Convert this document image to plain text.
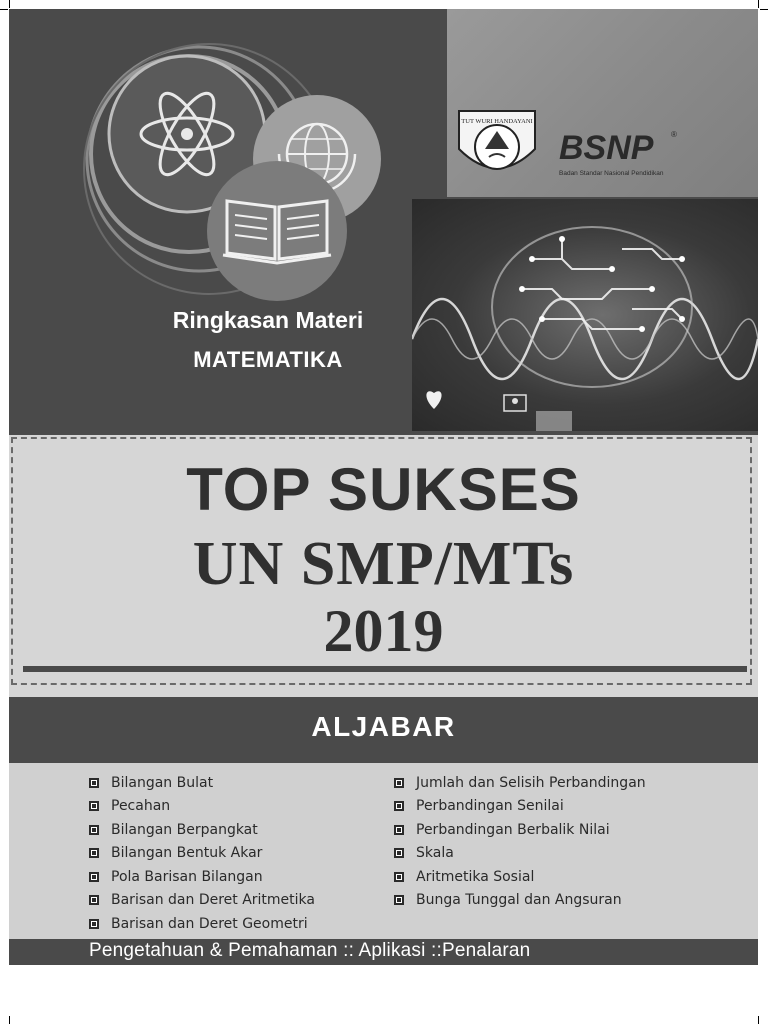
Ringkasan Materi
MATEMATIKA
TUT WURI HANDAYANI
BSNP ®
Badan Standar Nasional Pendidikan
TOP SUKSES
UN SMP/MTs
2019
ALJABAR
Bilangan Bulat
Pecahan
Bilangan Berpangkat
Bilangan Bentuk Akar
Pola Barisan Bilangan
Barisan dan Deret Aritmetika
Barisan dan Deret Geometri
Jumlah dan Selisih Perbandingan
Perbandingan Senilai
Perbandingan Berbalik Nilai
Skala
Aritmetika Sosial
Bunga Tunggal dan Angsuran
Pengetahuan & Pemahaman :: Aplikasi ::Penalaran
